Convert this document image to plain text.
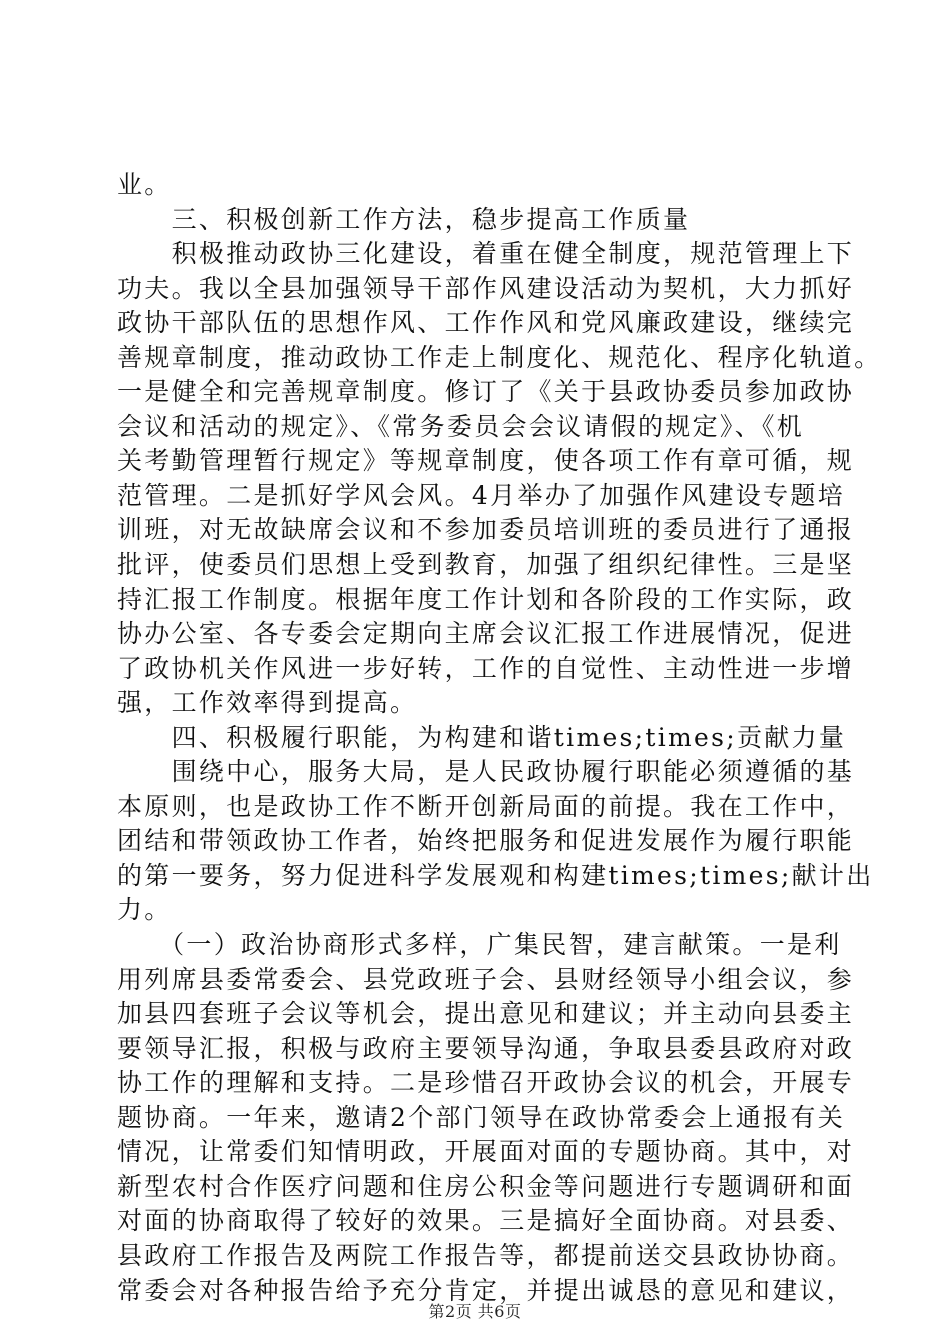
业。
　　三、积极创新工作方法，稳步提高工作质量
　　积极推动政协三化建设，着重在健全制度，规范管理上下
功夫。我以全县加强领导干部作风建设活动为契机，大力抓好
政协干部队伍的思想作风、工作作风和党风廉政建设，继续完
善规章制度，推动政协工作走上制度化、规范化、程序化轨道。
一是健全和完善规章制度。修订了《关于县政协委员参加政协
会议和活动的规定》、《常务委员会会议请假的规定》、《机
关考勤管理暂行规定》等规章制度，使各项工作有章可循，规
范管理。二是抓好学风会风。4月举办了加强作风建设专题培
训班，对无故缺席会议和不参加委员培训班的委员进行了通报
批评，使委员们思想上受到教育，加强了组织纪律性。三是坚
持汇报工作制度。根据年度工作计划和各阶段的工作实际，政
协办公室、各专委会定期向主席会议汇报工作进展情况，促进
了政协机关作风进一步好转，工作的自觉性、主动性进一步增
强，工作效率得到提高。
　　四、积极履行职能，为构建和谐times;times;贡献力量
　　围绕中心，服务大局，是人民政协履行职能必须遵循的基
本原则，也是政协工作不断开创新局面的前提。我在工作中，
团结和带领政协工作者，始终把服务和促进发展作为履行职能
的第一要务，努力促进科学发展观和构建times;times;献计出
力。
　　（一）政治协商形式多样，广集民智，建言献策。一是利
用列席县委常委会、县党政班子会、县财经领导小组会议，参
加县四套班子会议等机会，提出意见和建议；并主动向县委主
要领导汇报，积极与政府主要领导沟通，争取县委县政府对政
协工作的理解和支持。二是珍惜召开政协会议的机会，开展专
题协商。一年来，邀请2个部门领导在政协常委会上通报有关
情况，让常委们知情明政，开展面对面的专题协商。其中，对
新型农村合作医疗问题和住房公积金等问题进行专题调研和面
对面的协商取得了较好的效果。三是搞好全面协商。对县委、
县政府工作报告及两院工作报告等，都提前送交县政协协商。
常委会对各种报告给予充分肯定，并提出诚恳的意见和建议，
第2页 共6页
